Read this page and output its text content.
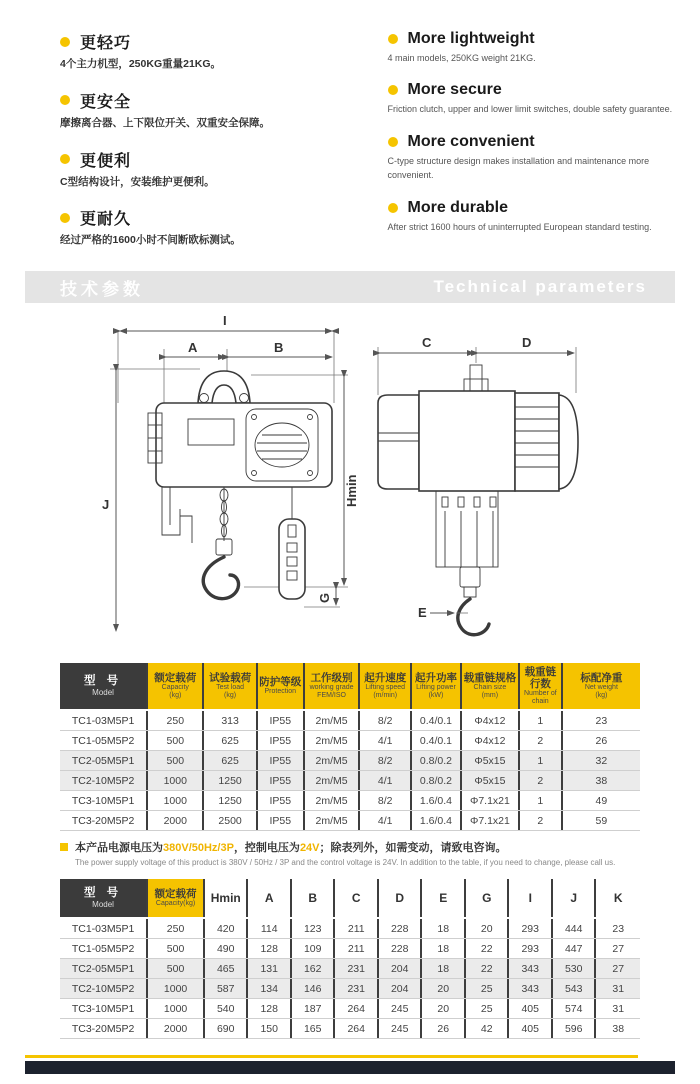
更轻巧
4个主力机型，250KG重量21KG。
更安全
摩擦离合器、上下限位开关、双重安全保障。
更便利
C型结构设计，安装维护更便利。
更耐久
经过严格的1600小时不间断欧标测试。
More lightweight
4 main models, 250KG weight 21KG.
More secure
Friction clutch, upper and lower limit switches, double safety guarantee.
More convenient
C-type structure design makes installation and maintenance more convenient.
More durable
After strict 1600 hours of uninterrupted European standard testing.
技术参数	Technical parameters
I
A	B
J	Hmin
G
C	D
E
型 号
Model
额定载荷
Capacity
(kg)
试验载荷
Test load
(kg)
防护等级
Protection
工作级别
working grade
FEM/ISO
起升速度
Lifting speed
(m/min)
起升功率
Lifting power
(kW)
载重链规格
Chain size
(mm)
载重链行数
Number of chain
标配净重
Net weight
(kg)
TC1-03M5P1	250	313	IP55	2m/M5	8/2	0.4/0.1	Φ4x12	1	23
TC1-05M5P2	500	625	IP55	2m/M5	4/1	0.4/0.1	Φ4x12	2	26
TC2-05M5P1	500	625	IP55	2m/M5	8/2	0.8/0.2	Φ5x15	1	32
TC2-10M5P2	1000	1250	IP55	2m/M5	4/1	0.8/0.2	Φ5x15	2	38
TC3-10M5P1	1000	1250	IP55	2m/M5	8/2	1.6/0.4	Φ7.1x21	1	49
TC3-20M5P2	2000	2500	IP55	2m/M5	4/1	1.6/0.4	Φ7.1x21	2	59
本产品电源电压为380V/50Hz/3P，控制电压为24V；除表列外，如需变动，请致电咨询。
The power supply voltage of this product is 380V / 50Hz / 3P and the control voltage is 24V. In addition to the table, if you need to change, please call us.
型 号
Model
额定载荷
Capacity(kg)	Hmin	A	B	C	D	E	G	I	J	K
TC1-03M5P1	250	420	114	123	211	228	18	20	293	444	23
TC1-05M5P2	500	490	128	109	211	228	18	22	293	447	27
TC2-05M5P1	500	465	131	162	231	204	18	22	343	530	27
TC2-10M5P2	1000	587	134	146	231	204	20	25	343	543	31
TC3-10M5P1	1000	540	128	187	264	245	20	25	405	574	31
TC3-20M5P2	2000	690	150	165	264	245	26	42	405	596	38
